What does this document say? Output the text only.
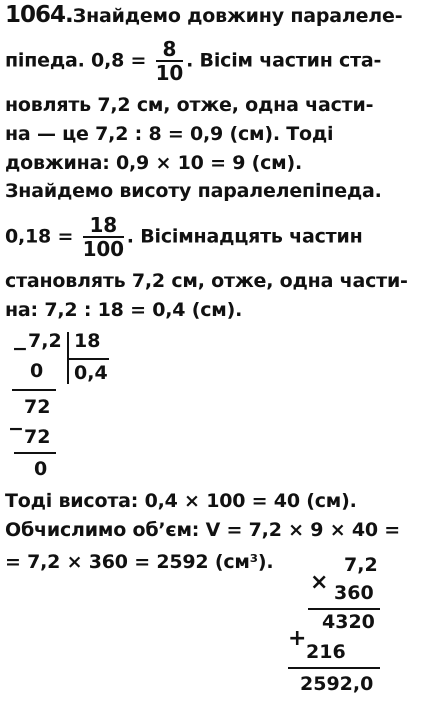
1064.Знайдемо довжину паралеле-
піпеда. $0,8 = \frac{8}{10}$ . Вісім частин ста-
новлять 7,2 см, отже, одна части-
на — це 7,2 : 8 = 0,9 (см). Тоді
довжина: 0,9 × 10 = 9 (см).
Знайдемо висоту паралелепіпеда.
$0,18 = \frac{18}{100}$ . Вісімнадцять частин
становлять 7,2 см, отже, одна части-
на: 7,2 : 18 = 0,4 (см).
− 7,2 18
0 0,4
72
− 72
0
Тоді висота: 0,4 × 100 = 40 (см).
Обчислимо об’єм: V = 7,2 × 9 × 40 =
= 7,2 × 360 = 2592 (см³).
×
7,2
360
4320
+
216
2592,0
